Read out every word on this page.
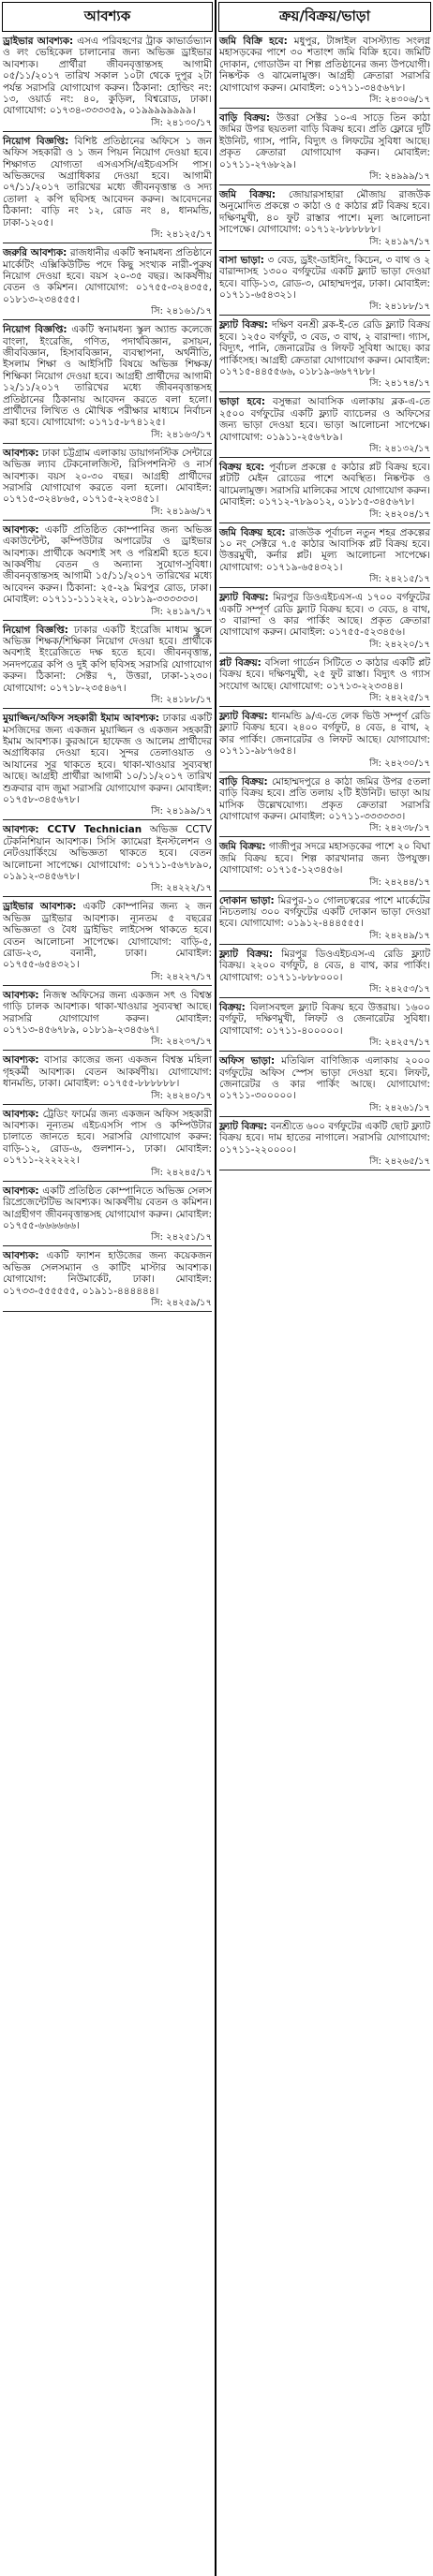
আবশ্যক

ড্রাইভার আবশ্যক: এসএ পরিবহণের ট্রাক কাভার্ডভ্যান ও লং ভেহিকেল চালানোর জন্য অভিজ্ঞ ড্রাইভার আবশ্যক। প্রার্থীরা জীবনবৃত্তান্তসহ আগামী ০৫/১১/২০১৭ তারিখ সকাল ১০টা থেকে দুপুর ২টা পর্যন্ত সরাসরি যোগাযোগ করুন। ঠিকানা: হোল্ডিং নং: ১৩, ওয়ার্ড নং: ৪০, কুড়িল, বিশ্বরোড, ঢাকা। যোগাযোগ: ০১৭৩৪-৩৩৩৩৫৯, ০১৯৯৯৯৯৯৯৯।

সি: ২৪১৩০/১৭

নিয়োগ বিজ্ঞপ্তি: বিশিষ্ট প্রতিষ্ঠানের অফিসে ১ জন অফিস সহকারী ও ১ জন পিয়ন নিয়োগ দেওয়া হবে। শিক্ষাগত যোগ্যতা এসএসসি/এইচএসসি পাস। অভিজ্ঞদের অগ্রাধিকার দেওয়া হবে। আগামী ০৭/১১/২০১৭ তারিখের মধ্যে জীবনবৃত্তান্ত ও সদ্য তোলা ২ কপি ছবিসহ আবেদন করুন। আবেদনের ঠিকানা: বাড়ি নং ১২, রোড নং ৪, ধানমন্ডি, ঢাকা-১২০৫।

সি: ২৪১২৫/১৭

জরুরি আবশ্যক: রাজধানীর একটি স্বনামধন্য প্রতিষ্ঠানে মার্কেটিং এক্সিকিউটিভ পদে কিছু সংখ্যক নারী-পুরুষ নিয়োগ দেওয়া হবে। বয়স ২০-৩৫ বছর। আকর্ষণীয় বেতন ও কমিশন। যোগাযোগ: ০১৭৫৫-৩২৪৩৫৫, ০১৮১৩-২৩৪৫৫৫।

সি: ২৪১৬১/১৭

নিয়োগ বিজ্ঞপ্তি: একটি স্বনামধন্য স্কুল অ্যান্ড কলেজে বাংলা, ইংরেজি, গণিত, পদার্থবিজ্ঞান, রসায়ন, জীববিজ্ঞান, হিসাববিজ্ঞান, ব্যবস্থাপনা, অর্থনীতি, ইসলাম শিক্ষা ও আইসিটি বিষয়ে অভিজ্ঞ শিক্ষক/শিক্ষিকা নিয়োগ দেওয়া হবে। আগ্রহী প্রার্থীদের আগামী ১২/১১/২০১৭ তারিখের মধ্যে জীবনবৃত্তান্তসহ প্রতিষ্ঠানের ঠিকানায় আবেদন করতে বলা হলো। প্রার্থীদের লিখিত ও মৌখিক পরীক্ষার মাধ্যমে নির্বাচন করা হবে। যোগাযোগ: ০১৭১৫-৮৭৪১২৫।

সি: ২৪১৬৩/১৭

আবশ্যক: ঢাকা চট্টগ্রাম এলাকায় ডায়াগনস্টিক সেন্টারে অভিজ্ঞ ল্যাব টেকনোলজিস্ট, রিসিপশনিস্ট ও নার্স আবশ্যক। বয়স ২০-৩০ বছর। আগ্রহী প্রার্থীদের সরাসরি যোগাযোগ করতে বলা হলো। মোবাইল: ০১৭১৫-৩২৪৮৬৫, ০১৭১৫-২২৩৪৫১।

সি: ২৪১৯৬/১৭

আবশ্যক: একটি প্রতিষ্ঠিত কোম্পানির জন্য অভিজ্ঞ একাউন্টেন্ট, কম্পিউটার অপারেটর ও ড্রাইভার আবশ্যক। প্রার্থীকে অবশ্যই সৎ ও পরিশ্রমী হতে হবে। আকর্ষণীয় বেতন ও অন্যান্য সুযোগ-সুবিধা। জীবনবৃত্তান্তসহ আগামী ১৫/১১/২০১৭ তারিখের মধ্যে আবেদন করুন। ঠিকানা: ২৫-২৯ মিরপুর রোড, ঢাকা। মোবাইল: ০১৭১১-১১১২২২, ০১৮১৯-৩৩৩৩৩৩।

সি: ২৪১৯৭/১৭

নিয়োগ বিজ্ঞপ্তি: ঢাকার একটি ইংরেজি মাধ্যম স্কুলে অভিজ্ঞ শিক্ষক/শিক্ষিকা নিয়োগ দেওয়া হবে। প্রার্থীকে অবশ্যই ইংরেজিতে দক্ষ হতে হবে। জীবনবৃত্তান্ত, সনদপত্রের কপি ও দুই কপি ছবিসহ সরাসরি যোগাযোগ করুন। ঠিকানা: সেক্টর ৭, উত্তরা, ঢাকা-১২৩০। যোগাযোগ: ০১৭১৮-২৩৫৪৬৭।

সি: ২৪১৮৮/১৭

মুয়াজ্জিন/অফিস সহকারী ইমাম আবশ্যক: ঢাকার একটি মসজিদের জন্য একজন মুয়াজ্জিন ও একজন সহকারী ইমাম আবশ্যক। কুরআনে হাফেজ ও আলেম প্রার্থীদের অগ্রাধিকার দেওয়া হবে। সুন্দর তেলাওয়াত ও আযানের সুর থাকতে হবে। থাকা-খাওয়ার সুব্যবস্থা আছে। আগ্রহী প্রার্থীরা আগামী ১০/১১/২০১৭ তারিখ শুক্রবার বাদ জুমা সরাসরি যোগাযোগ করুন। মোবাইল: ০১৭৫৮-৩৪৫৬৭৮।

সি: ২৪১৯৯/১৭

আবশ্যক: CCTV Technician অভিজ্ঞ CCTV টেকনিশিয়ান আবশ্যক। সিসি ক্যামেরা ইনস্টলেশন ও নেটওয়ার্কিংয়ে অভিজ্ঞতা থাকতে হবে। বেতন আলোচনা সাপেক্ষে। যোগাযোগ: ০১৭১১-৫৬৭৮৯০, ০১৯১২-৩৪৫৬৭৮।

সি: ২৪২২২/১৭

ড্রাইভার আবশ্যক: একটি কোম্পানির জন্য ২ জন অভিজ্ঞ ড্রাইভার আবশ্যক। ন্যূনতম ৫ বছরের অভিজ্ঞতা ও বৈধ ড্রাইভিং লাইসেন্স থাকতে হবে। বেতন আলোচনা সাপেক্ষে। যোগাযোগ: বাড়ি-৫, রোড-২৩, বনানী, ঢাকা। মোবাইল: ০১৭৫৫-৬৫৪৩২১।

সি: ২৪২২৭/১৭

আবশ্যক: নিজস্ব অফিসের জন্য একজন সৎ ও বিশ্বস্ত গাড়ি চালক আবশ্যক। থাকা-খাওয়ার সুব্যবস্থা আছে। সরাসরি যোগাযোগ করুন। মোবাইল: ০১৭১৩-৪৫৬৭৮৯, ০১৮১৯-২৩৪৫৬৭।

সি: ২৪২৩৭/১৭

আবশ্যক: বাসার কাজের জন্য একজন বিশ্বস্ত মহিলা গৃহকর্মী আবশ্যক। বেতন আকর্ষণীয়। যোগাযোগ: ধানমন্ডি, ঢাকা। মোবাইল: ০১৭৫৫-৮৮৮৮৮৮।

সি: ২৪২৪০/১৭

আবশ্যক: ট্রেডিং ফার্মের জন্য একজন অফিস সহকারী আবশ্যক। নূন্যতম এইচএসসি পাস ও কম্পিউটার চালাতে জানতে হবে। সরাসরি যোগাযোগ করুন: বাড়ি-১২, রোড-৬, গুলশান-১, ঢাকা। মোবাইল: ০১৭১১-২২২২২২।

সি: ২৪২৪৫/১৭

আবশ্যক: একটি প্রতিষ্ঠিত কোম্পানিতে অভিজ্ঞ সেলস রিপ্রেজেন্টেটিভ আবশ্যক। আকর্ষণীয় বেতন ও কমিশন। আগ্রহীগণ জীবনবৃত্তান্তসহ যোগাযোগ করুন। মোবাইল: ০১৭৫৫-৬৬৬৬৬৬।

সি: ২৪২৫১/১৭

আবশ্যক: একটি ফ্যাশন হাউজের জন্য কয়েকজন অভিজ্ঞ সেলসম্যান ও কাটিং মাস্টার আবশ্যক। যোগাযোগ: নিউমার্কেট, ঢাকা। মোবাইল: ০১৭৩৩-৫৫৫৫৫৫, ০১৯১১-৪৪৪৪৪৪।

সি: ২৪২৫৯/১৭

ক্রয়/বিক্রয়/ভাড়া

জমি বিক্রি হবে: মধুপুর, টাঙ্গাইল বাসস্ট্যান্ড সংলগ্ন মহাসড়কের পাশে ৩০ শতাংশ জমি বিক্রি হবে। জমিটি দোকান, গোডাউন বা শিল্প প্রতিষ্ঠানের জন্য উপযোগী। নিষ্কণ্টক ও ঝামেলামুক্ত। আগ্রহী ক্রেতারা সরাসরি যোগাযোগ করুন। মোবাইল: ০১৭১১-৩৪৫৬৭৮।

সি: ২৪৩০৬/১৭

বাড়ি বিক্রয়: উত্তরা সেক্টর ১০-এ সাড়ে তিন কাঠা জমির উপর ছয়তলা বাড়ি বিক্রয় হবে। প্রতি ফ্লোরে দুটি ইউনিট, গ্যাস, পানি, বিদ্যুৎ ও লিফটের সুবিধা আছে। প্রকৃত ক্রেতারা যোগাযোগ করুন। মোবাইল: ০১৭১১-২৭৬৮২৯।

সি: ২৪৯৯৯/১৭

জমি বিক্রয়: জোয়ারসাহারা মৌজায় রাজউক অনুমোদিত প্রকল্পে ৩ কাঠা ও ৫ কাঠার প্লট বিক্রয় হবে। দক্ষিণমুখী, ৪০ ফুট রাস্তার পাশে। মূল্য আলোচনা সাপেক্ষে। যোগাযোগ: ০১৭১২-৮৮৮৮৮৮।

সি: ২৪১৯৭/১৭

বাসা ভাড়া: ৩ বেড, ড্রইং-ডাইনিং, কিচেন, ৩ বাথ ও ২ বারান্দাসহ ১৩০০ বর্গফুটের একটি ফ্ল্যাট ভাড়া দেওয়া হবে। বাড়ি-১৩, রোড-৩, মোহাম্মদপুর, ঢাকা। মোবাইল: ০১৭১১-৬৫৪৩২১।

সি: ২৪১৮৮/১৭

ফ্ল্যাট বিক্রয়: দক্ষিণ বনশ্রী ব্লক-ই-তে রেডি ফ্ল্যাট বিক্রয় হবে। ১২৫০ বর্গফুট, ৩ বেড, ৩ বাথ, ২ বারান্দা। গ্যাস, বিদ্যুৎ, পানি, জেনারেটর ও লিফট সুবিধা আছে। কার পার্কিংসহ। আগ্রহী ক্রেতারা যোগাযোগ করুন। মোবাইল: ০১৭১৫-৪৪৫৫৬৬, ০১৮১৯-৬৬৭৭৮৮।

সি: ২৪১৭৪/১৭

ভাড়া হবে: বসুন্ধরা আবাসিক এলাকায় ব্লক-এ-তে ২৫০০ বর্গফুটের একটি ফ্ল্যাট ব্যাচেলর ও অফিসের জন্য ভাড়া দেওয়া হবে। ভাড়া আলোচনা সাপেক্ষে। যোগাযোগ: ০১৯১১-২৫৬৭৮৯।

সি: ২৪১৩২/১৭

বিক্রয় হবে: পূর্বাচল প্রকল্পে ৫ কাঠার প্লট বিক্রয় হবে। প্লটটি মেইন রোডের পাশে অবস্থিত। নিষ্কণ্টক ও ঝামেলামুক্ত। সরাসরি মালিকের সাথে যোগাযোগ করুন। মোবাইল: ০১৭১২-৭৮৯০১২, ০১৮১৫-৩৪৫৬৭৮।

সি: ২৪২০৪/১৭

জমি বিক্রয় হবে: রাজউক পূর্বাচল নতুন শহর প্রকল্পের ১০ নং সেক্টরে ৭.৫ কাঠার আবাসিক প্লট বিক্রয় হবে। উত্তরমুখী, কর্নার প্লট। মূল্য আলোচনা সাপেক্ষে। যোগাযোগ: ০১৭১৯-৬৫৪৩২১।

সি: ২৪২১৫/১৭

ফ্ল্যাট বিক্রয়: মিরপুর ডিওএইচএস-এ ১৭০০ বর্গফুটের একটি সম্পূর্ণ রেডি ফ্ল্যাট বিক্রয় হবে। ৩ বেড, ৪ বাথ, ৩ বারান্দা ও কার পার্কিং আছে। প্রকৃত ক্রেতারা যোগাযোগ করুন। মোবাইল: ০১৭৫৫-৫২৩৪৫৬।

সি: ২৪২২০/১৭

প্লট বিক্রয়: বসিলা গার্ডেন সিটিতে ৩ কাঠার একটি প্লট বিক্রয় হবে। দক্ষিণমুখী, ২৫ ফুট রাস্তা। বিদ্যুৎ ও গ্যাস সংযোগ আছে। যোগাযোগ: ০১৭১৩-২২৩৩৪৪।

সি: ২৪২২৫/১৭

ফ্ল্যাট বিক্রয়: ধানমন্ডি ৯/এ-তে লেক ভিউ সম্পূর্ণ রেডি ফ্ল্যাট বিক্রয় হবে। ২৪০০ বর্গফুট, ৪ বেড, ৪ বাথ, ২ কার পার্কিং। জেনারেটর ও লিফট আছে। যোগাযোগ: ০১৭১১-৯৮৭৬৫৪।

সি: ২৪২৩০/১৭

বাড়ি বিক্রয়: মোহাম্মদপুরে ৪ কাঠা জমির উপর ৫তলা বাড়ি বিক্রয় হবে। প্রতি তলায় ২টি ইউনিট। ভাড়া আয় মাসিক উল্লেখযোগ্য। প্রকৃত ক্রেতারা সরাসরি যোগাযোগ করুন। মোবাইল: ০১৭১১-৩৩৩৩৩৩।

সি: ২৪২৩৮/১৭

জমি বিক্রয়: গাজীপুর সদরে মহাসড়কের পাশে ২০ বিঘা জমি বিক্রয় হবে। শিল্প কারখানার জন্য উপযুক্ত। যোগাযোগ: ০১৭১৫-১২৩৪৫৬।

সি: ২৪২৪৪/১৭

দোকান ভাড়া: মিরপুর-১০ গোলচত্বরের পাশে মার্কেটের নিচতলায় ৩০০ বর্গফুটের একটি দোকান ভাড়া দেওয়া হবে। যোগাযোগ: ০১৯১২-৪৪৪৫৫৫।

সি: ২৪২৪৯/১৭

ফ্ল্যাট বিক্রয়: মিরপুর ডিওএইচএস-এ রেডি ফ্ল্যাট বিক্রয়। ২২০০ বর্গফুট, ৪ বেড, ৪ বাথ, কার পার্কিং। যোগাযোগ: ০১৭১১-৮৮৮০০০।

সি: ২৪২৫৩/১৭

বিক্রয়: বিলাসবহুল ফ্ল্যাট বিক্রয় হবে উত্তরায়। ১৬০০ বর্গফুট, দক্ষিণমুখী, লিফট ও জেনারেটর সুবিধা। যোগাযোগ: ০১৭১১-৪০০০০০।

সি: ২৪২৫৭/১৭

অফিস ভাড়া: মতিঝিল বাণিজ্যিক এলাকায় ২০০০ বর্গফুটের অফিস স্পেস ভাড়া দেওয়া হবে। লিফট, জেনারেটর ও কার পার্কিং আছে। যোগাযোগ: ০১৭১১-৩০০০০০।

সি: ২৪২৬১/১৭

ফ্ল্যাট বিক্রয়: বনশ্রীতে ৬০০ বর্গফুটের একটি ছোট ফ্ল্যাট বিক্রয় হবে। দাম হাতের নাগালে। সরাসরি যোগাযোগ: ০১৭১১-২২০০০০।

সি: ২৪২৬৫/১৭
